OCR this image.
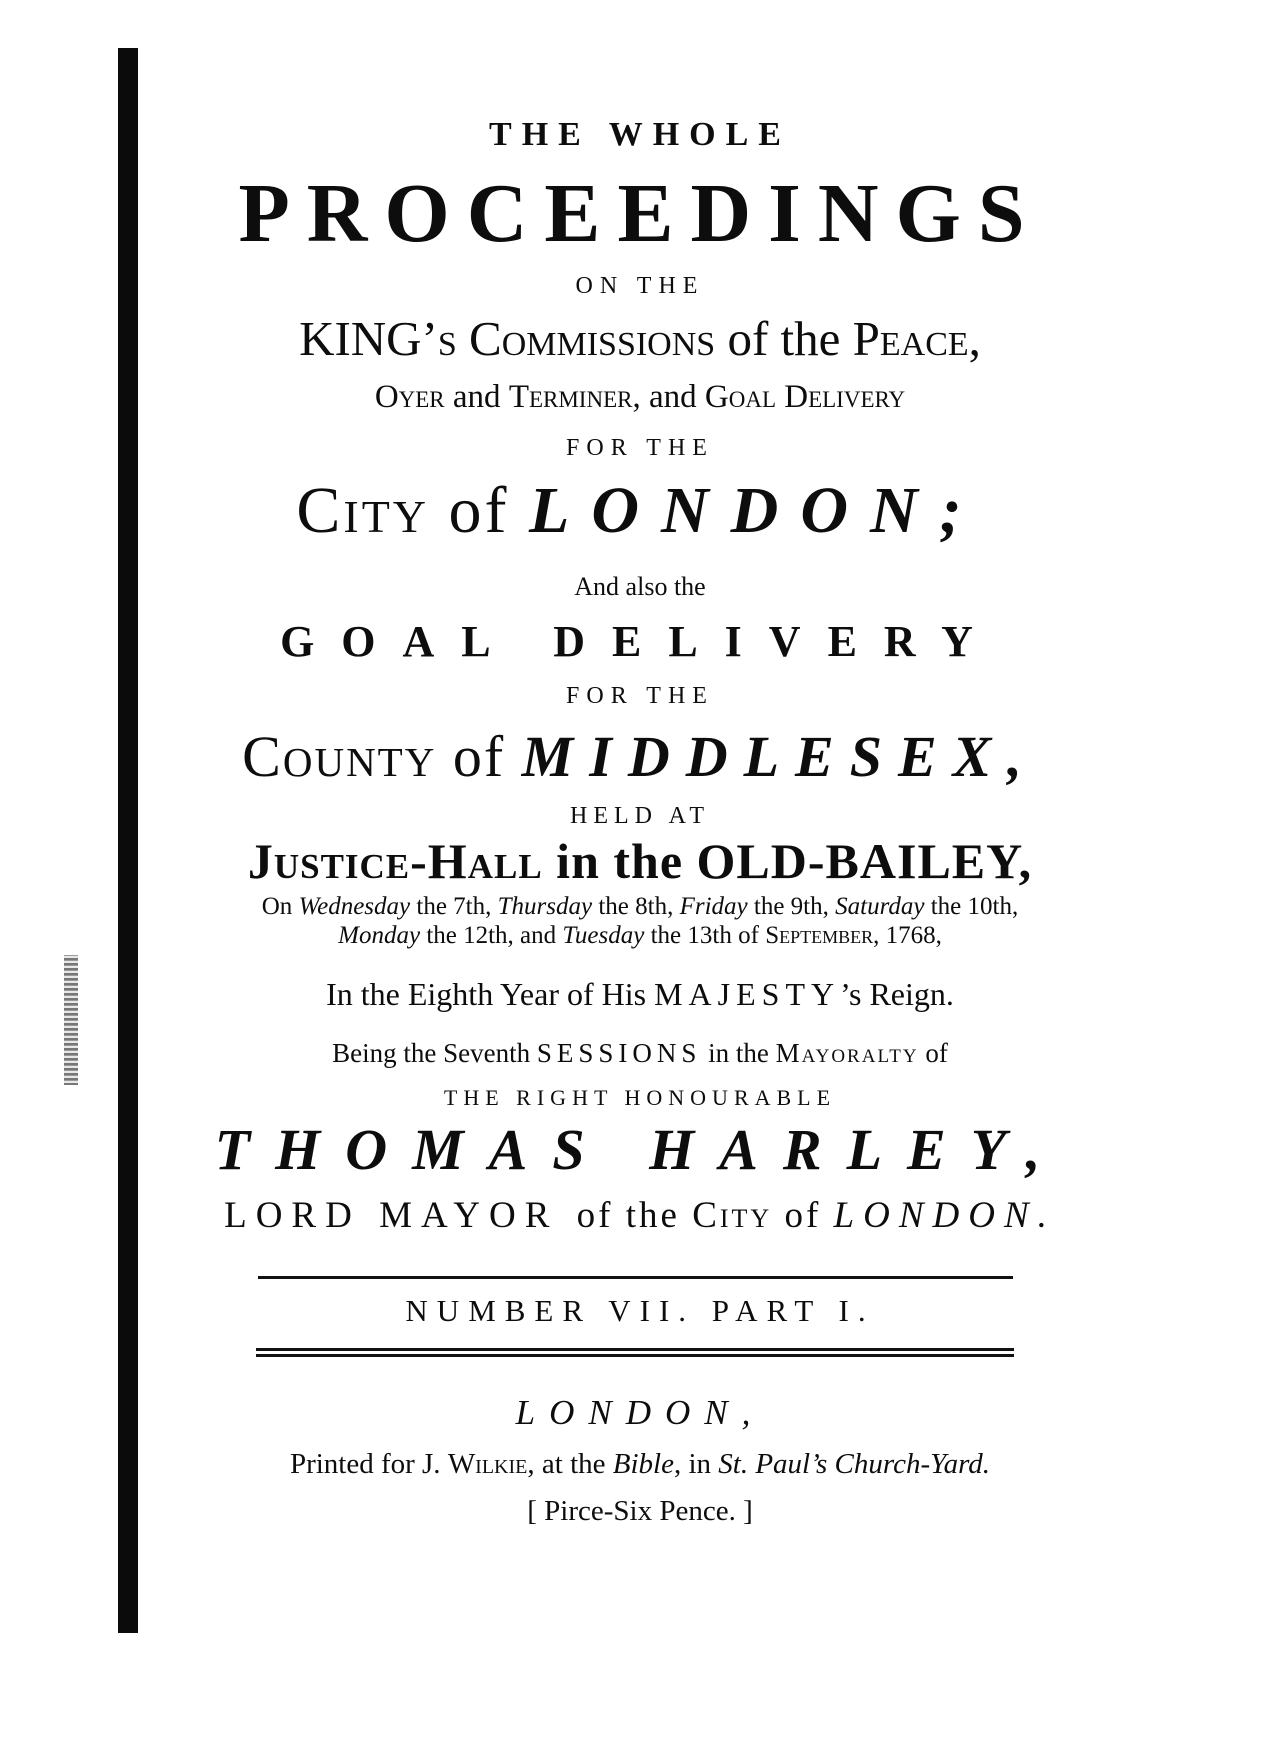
THE WHOLE
PROCEEDINGS
ON THE
KING’s Commissions of the Peace,
Oyer and Terminer, and Goal Delivery
FOR THE
City of LONDON;
And also the
GOAL DELIVERY
FOR THE
County of MIDDLESEX,
HELD AT
Justice-Hall in the OLD-BAILEY,
On Wednesday the 7th, Thursday the 8th, Friday the 9th, Saturday the 10th,
Monday the 12th, and Tuesday the 13th of September, 1768,
In the Eighth Year of His MAJESTY’s Reign.
Being the Seventh SESSIONS in the Mayoralty of
THE RIGHT HONOURABLE
THOMAS HARLEY,
LORD MAYOR of the City of LONDON.
NUMBER VII. PART I.
LONDON,
Printed for J. Wilkie, at the Bible, in St. Paul’s Church-Yard.
[ Pirce-Six Pence. ]
